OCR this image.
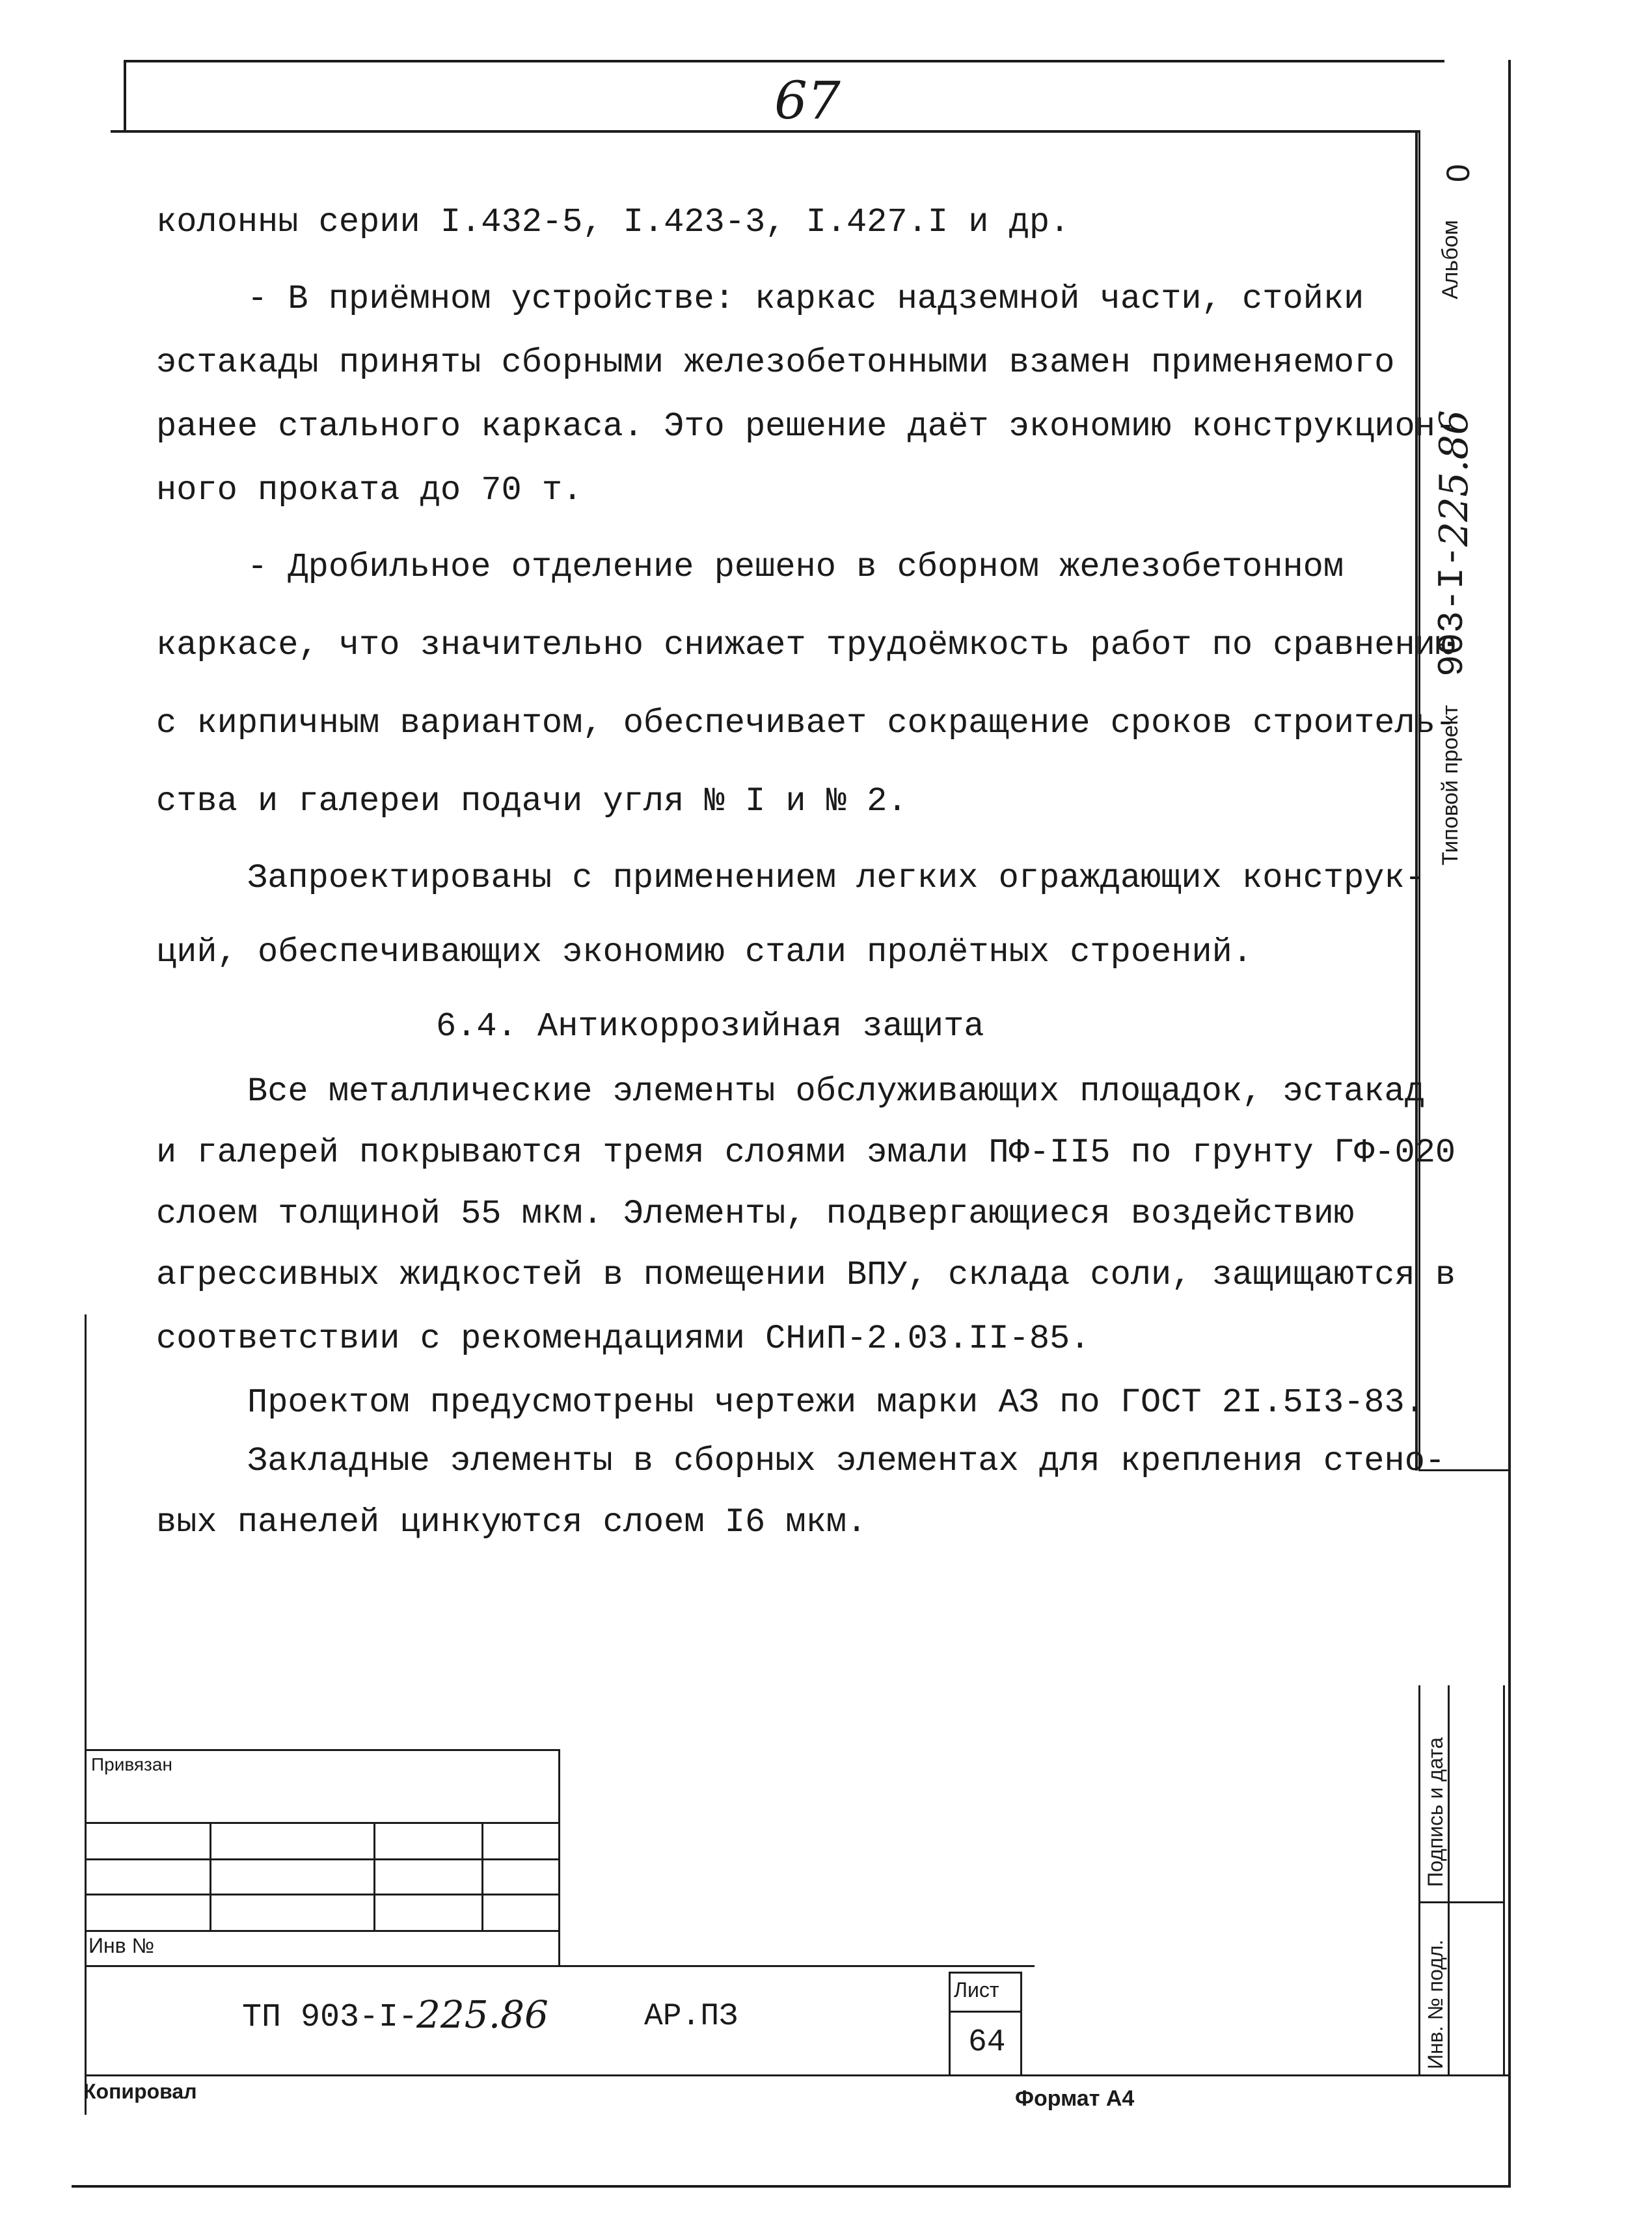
67
Альбом
0
Типовой проект
903-I-
225.86
колонны серии I.432-5, I.423-3, I.427.I и др.
- В приёмном устройстве: каркас надземной части, стойки
эстакады приняты сборными железобетонными взамен применяемого
ранее стального каркаса. Это решение даёт экономию конструкцион-
ного проката до 70 т.
- Дробильное отделение решено в сборном железобетонном
каркасе, что значительно снижает трудоёмкость работ по сравнению
с кирпичным вариантом, обеспечивает сокращение сроков строитель-
ства и галереи подачи угля № I и № 2.
Запроектированы с применением легких ограждающих конструк-
ций, обеспечивающих экономию стали пролётных строений.
6.4. Антикоррозийная защита
Все металлические элементы обслуживающих площадок, эстакад
и галерей покрываются тремя слоями эмали ПФ-II5 по грунту ГФ-020
слоем толщиной 55 мкм. Элементы, подвергающиеся воздействию
агрессивных жидкостей в помещении ВПУ, склада соли, защищаются в
соответствии с рекомендациями СНиП-2.03.II-85.
Проектом предусмотрены чертежи марки АЗ по ГОСТ 2I.5I3-83.
Закладные элементы в сборных элементах для крепления стено-
вых панелей цинкуются слоем I6 мкм.
Привязан
Инв №
ТП 903-I-
225.86	АР.ПЗ
Лист
64
Подпись и дата
Инв. № подл.
Копировал	Формат А4
